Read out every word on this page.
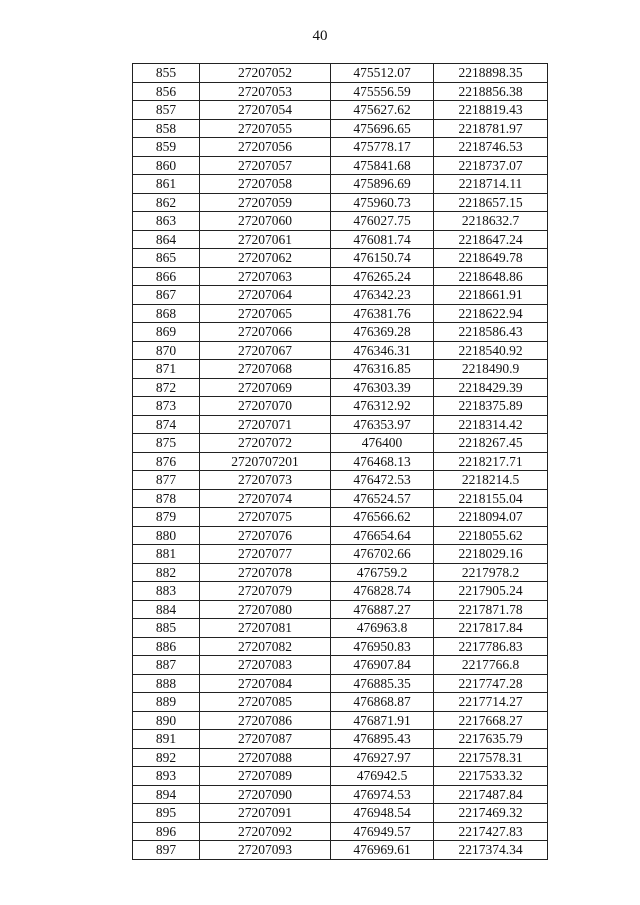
40
855	27207052	475512.07	2218898.35
856	27207053	475556.59	2218856.38
857	27207054	475627.62	2218819.43
858	27207055	475696.65	2218781.97
859	27207056	475778.17	2218746.53
860	27207057	475841.68	2218737.07
861	27207058	475896.69	2218714.11
862	27207059	475960.73	2218657.15
863	27207060	476027.75	2218632.7
864	27207061	476081.74	2218647.24
865	27207062	476150.74	2218649.78
866	27207063	476265.24	2218648.86
867	27207064	476342.23	2218661.91
868	27207065	476381.76	2218622.94
869	27207066	476369.28	2218586.43
870	27207067	476346.31	2218540.92
871	27207068	476316.85	2218490.9
872	27207069	476303.39	2218429.39
873	27207070	476312.92	2218375.89
874	27207071	476353.97	2218314.42
875	27207072	476400	2218267.45
876	2720707201	476468.13	2218217.71
877	27207073	476472.53	2218214.5
878	27207074	476524.57	2218155.04
879	27207075	476566.62	2218094.07
880	27207076	476654.64	2218055.62
881	27207077	476702.66	2218029.16
882	27207078	476759.2	2217978.2
883	27207079	476828.74	2217905.24
884	27207080	476887.27	2217871.78
885	27207081	476963.8	2217817.84
886	27207082	476950.83	2217786.83
887	27207083	476907.84	2217766.8
888	27207084	476885.35	2217747.28
889	27207085	476868.87	2217714.27
890	27207086	476871.91	2217668.27
891	27207087	476895.43	2217635.79
892	27207088	476927.97	2217578.31
893	27207089	476942.5	2217533.32
894	27207090	476974.53	2217487.84
895	27207091	476948.54	2217469.32
896	27207092	476949.57	2217427.83
897	27207093	476969.61	2217374.34
